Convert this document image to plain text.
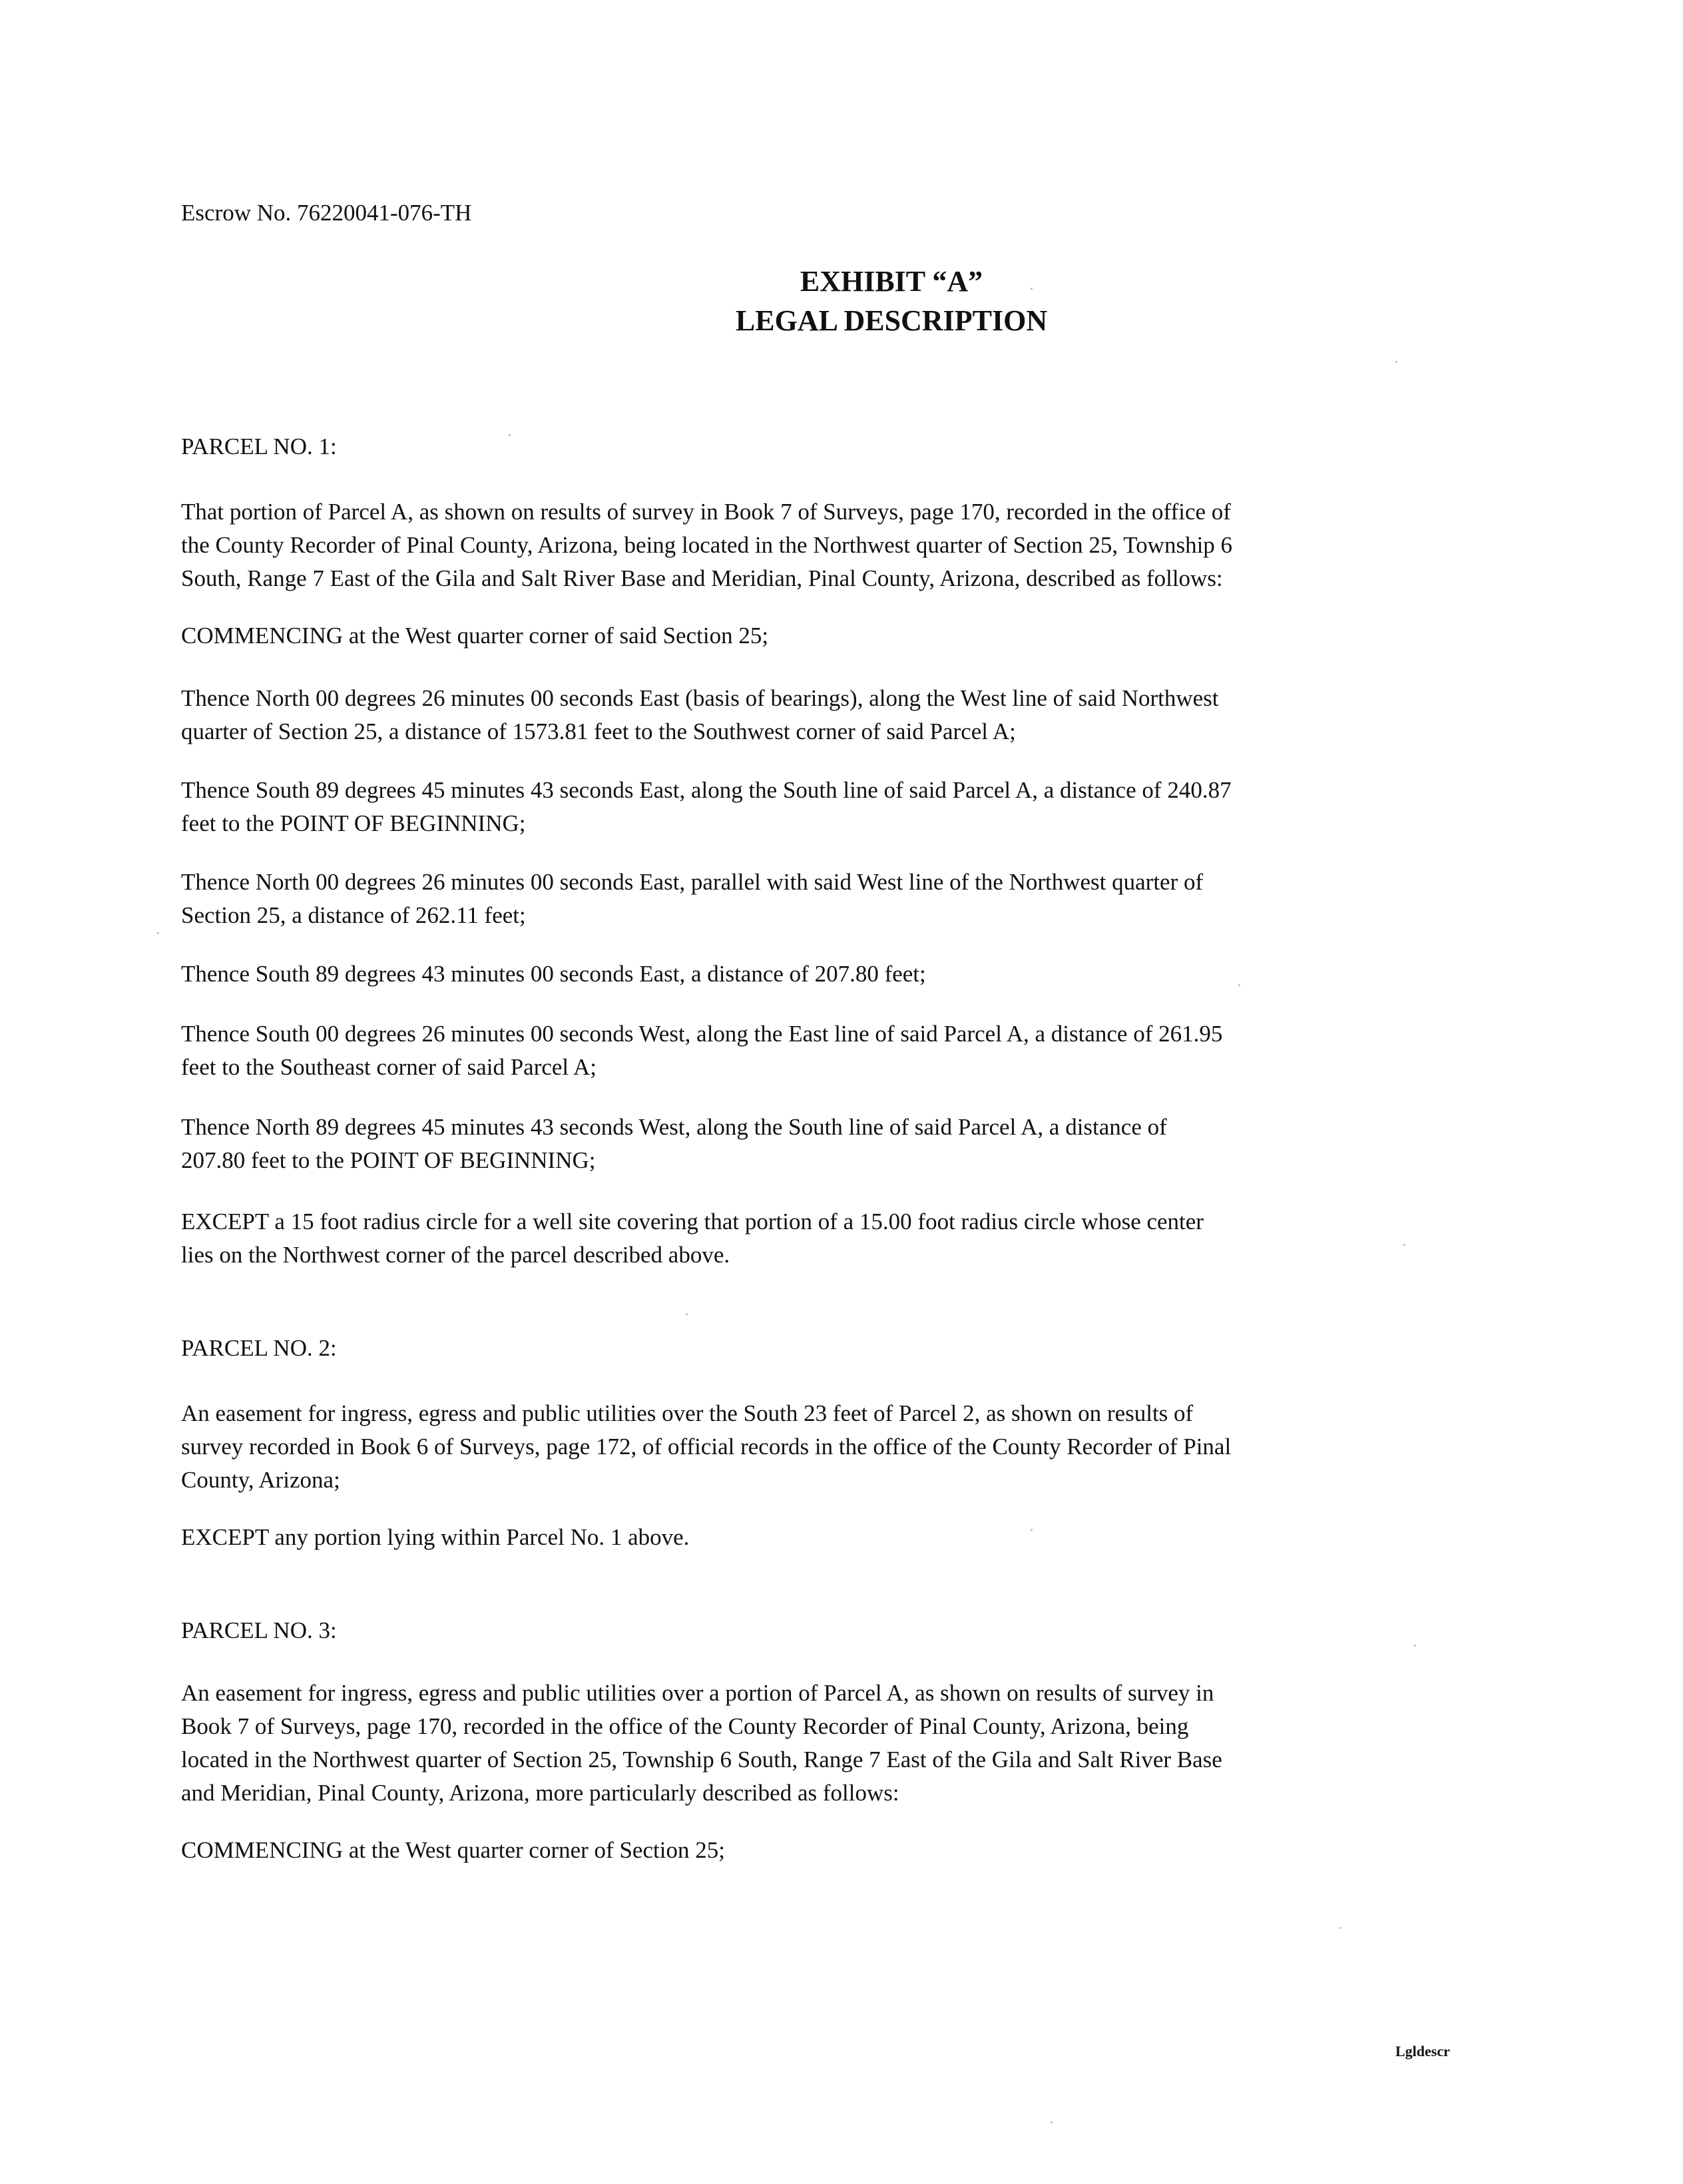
Escrow No. 76220041-076-TH
EXHIBIT “A”
LEGAL DESCRIPTION
PARCEL NO. 1:
That portion of Parcel A, as shown on results of survey in Book 7 of Surveys, page 170, recorded in the office of
the County Recorder of Pinal County, Arizona, being located in the Northwest quarter of Section 25, Township 6
South, Range 7 East of the Gila and Salt River Base and Meridian, Pinal County, Arizona, described as follows:
COMMENCING at the West quarter corner of said Section 25;
Thence North 00 degrees 26 minutes 00 seconds East (basis of bearings), along the West line of said Northwest
quarter of Section 25, a distance of 1573.81 feet to the Southwest corner of said Parcel A;
Thence South 89 degrees 45 minutes 43 seconds East, along the South line of said Parcel A, a distance of 240.87
feet to the POINT OF BEGINNING;
Thence North 00 degrees 26 minutes 00 seconds East, parallel with said West line of the Northwest quarter of
Section 25, a distance of 262.11 feet;
Thence South 89 degrees 43 minutes 00 seconds East, a distance of 207.80 feet;
Thence South 00 degrees 26 minutes 00 seconds West, along the East line of said Parcel A, a distance of 261.95
feet to the Southeast corner of said Parcel A;
Thence North 89 degrees 45 minutes 43 seconds West, along the South line of said Parcel A, a distance of
207.80 feet to the POINT OF BEGINNING;
EXCEPT a 15 foot radius circle for a well site covering that portion of a 15.00 foot radius circle whose center
lies on the Northwest corner of the parcel described above.
PARCEL NO. 2:
An easement for ingress, egress and public utilities over the South 23 feet of Parcel 2, as shown on results of
survey recorded in Book 6 of Surveys, page 172, of official records in the office of the County Recorder of Pinal
County, Arizona;
EXCEPT any portion lying within Parcel No. 1 above.
PARCEL NO. 3:
An easement for ingress, egress and public utilities over a portion of Parcel A, as shown on results of survey in
Book 7 of Surveys, page 170, recorded in the office of the County Recorder of Pinal County, Arizona, being
located in the Northwest quarter of Section 25, Township 6 South, Range 7 East of the Gila and Salt River Base
and Meridian, Pinal County, Arizona, more particularly described as follows:
COMMENCING at the West quarter corner of Section 25;
Lgldescr
